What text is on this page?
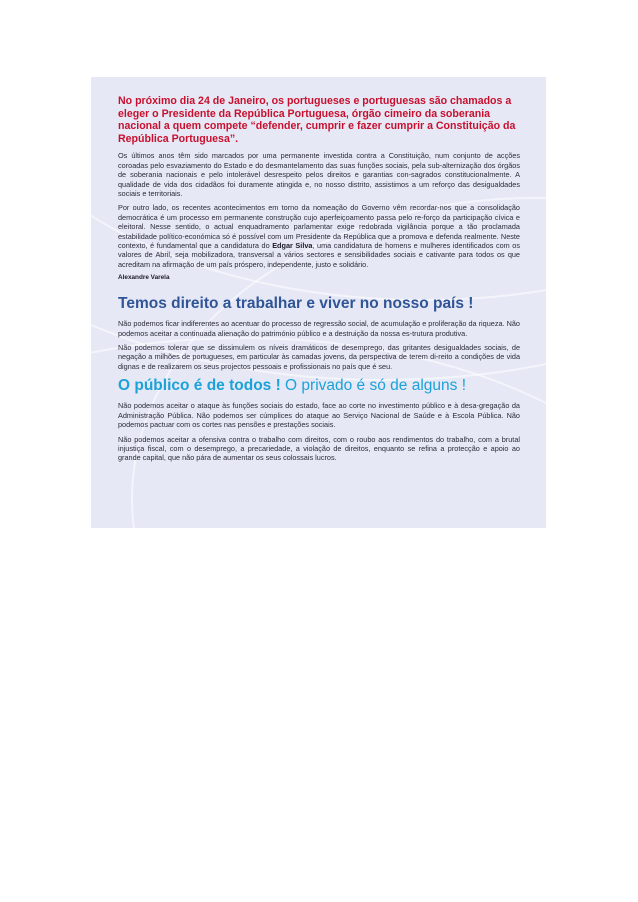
No próximo dia 24 de Janeiro, os portugueses e portuguesas são chamados a eleger o Presidente da República Portuguesa, órgão cimeiro da soberania nacional a quem compete “defender, cumprir e fazer cumprir a Constituição da República Portuguesa”.

Os últimos anos têm sido marcados por uma permanente investida contra a Constituição, num conjunto de acções coroadas pelo esvaziamento do Estado e do desmantelamento das suas funções sociais, pela sub-alternização dos órgãos de soberania nacionais e pelo intolerável desrespeito pelos direitos e garantias con-sagrados constitucionalmente. A qualidade de vida dos cidadãos foi duramente atingida e, no nosso distrito, assistimos a um reforço das desigualdades sociais e territoriais.

Por outro lado, os recentes acontecimentos em torno da nomeação do Governo vêm recordar-nos que a consolidação democrática é um processo em permanente construção cujo aperfeiçoamento passa pelo re-forço da participação cívica e eleitoral. Nesse sentido, o actual enquadramento parlamentar exige redobrada vigilância porque a tão proclamada estabilidade político-económica só é possível com um Presidente da República que a promova e defenda realmente. Neste contexto, é fundamental que a candidatura do Edgar Silva, uma candidatura de homens e mulheres identificados com os valores de Abril, seja mobilizadora, transversal a vários sectores e sensibilidades sociais e cativante para todos os que acreditam na afirmação de um país próspero, independente, justo e solidário.

Alexandre Varela

Temos direito a trabalhar e viver no nosso país !

Não podemos ficar indiferentes ao acentuar do processo de regressão social, de acumulação e proliferação da riqueza. Não podemos aceitar a continuada alienação do património público e a destruição da nossa es-trutura produtiva.

Não podemos tolerar que se dissimulem os níveis dramáticos de desemprego, das gritantes desigualdades sociais, de negação a milhões de portugueses, em particular às camadas jovens, da perspectiva de terem di-reito a condições de vida dignas e de realizarem os seus projectos pessoais e profissionais no país que é seu.

O público é de todos ! O privado é só de alguns !

Não podemos aceitar o ataque às funções sociais do estado, face ao corte no investimento público e à desa-gregação da Administração Pública. Não podemos ser cúmplices do ataque ao Serviço Nacional de Saúde e à Escola Pública. Não podemos pactuar com os cortes nas pensões e prestações sociais.

Não podemos aceitar a ofensiva contra o trabalho com direitos, com o roubo aos rendimentos do trabalho, com a brutal injustiça fiscal, com o desemprego, a precariedade, a violação de direitos, enquanto se refina a protecção e apoio ao grande capital, que não pára de aumentar os seus colossais lucros.
